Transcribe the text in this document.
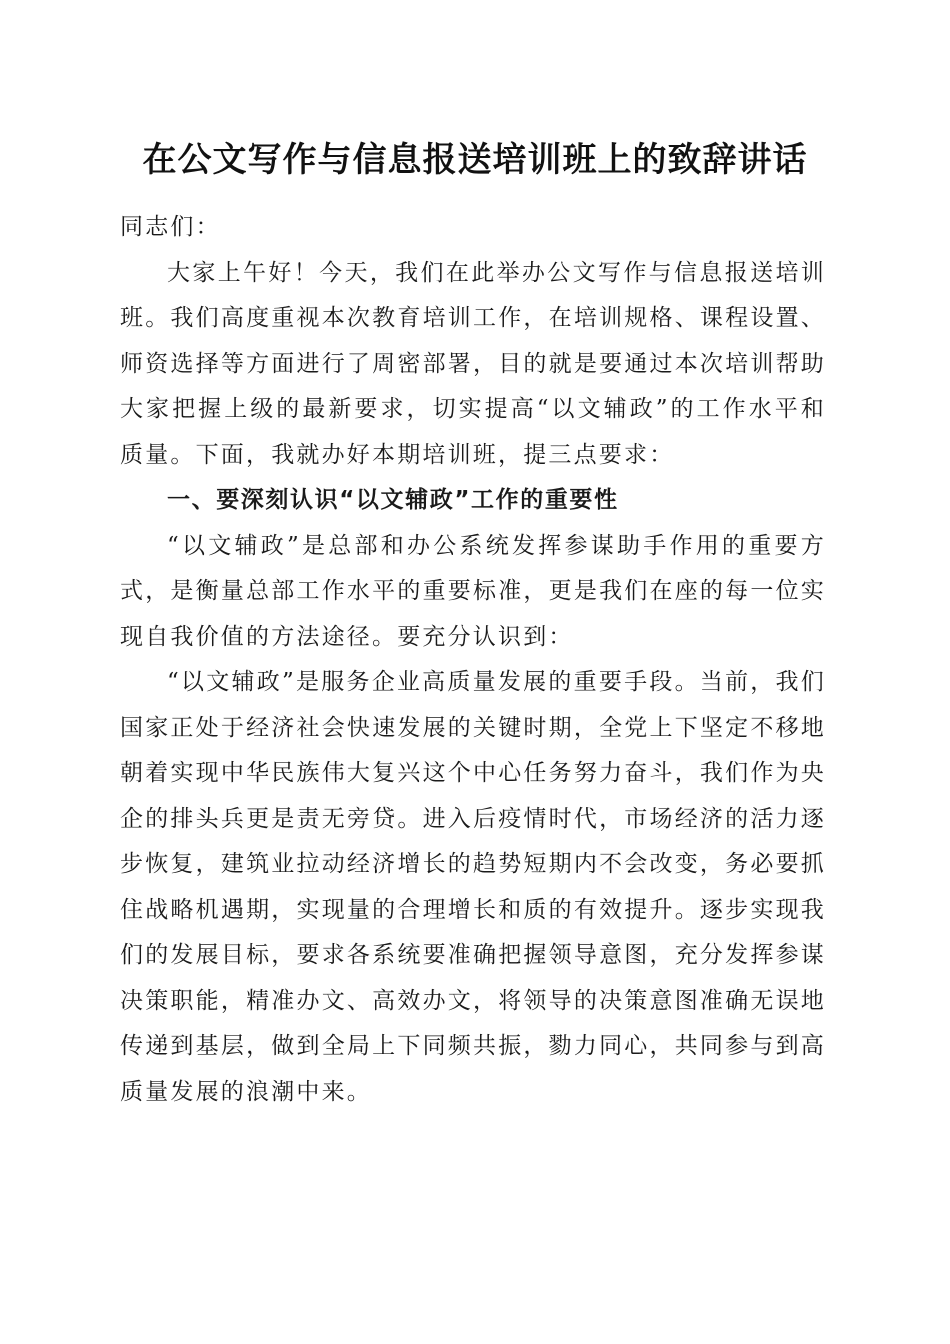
在公文写作与信息报送培训班上的致辞讲话

同志们：

大家上午好！今天，我们在此举办公文写作与信息报送培训班。我们高度重视本次教育培训工作，在培训规格、课程设置、师资选择等方面进行了周密部署，目的就是要通过本次培训帮助大家把握上级的最新要求，切实提高“以文辅政”的工作水平和质量。下面，我就办好本期培训班，提三点要求：

一、要深刻认识“以文辅政”工作的重要性

“以文辅政”是总部和办公系统发挥参谋助手作用的重要方式，是衡量总部工作水平的重要标准，更是我们在座的每一位实现自我价值的方法途径。要充分认识到：

“以文辅政”是服务企业高质量发展的重要手段。当前，我们国家正处于经济社会快速发展的关键时期，全党上下坚定不移地朝着实现中华民族伟大复兴这个中心任务努力奋斗，我们作为央企的排头兵更是责无旁贷。进入后疫情时代，市场经济的活力逐步恢复，建筑业拉动经济增长的趋势短期内不会改变，务必要抓住战略机遇期，实现量的合理增长和质的有效提升。逐步实现我们的发展目标，要求各系统要准确把握领导意图，充分发挥参谋决策职能，精准办文、高效办文，将领导的决策意图准确无误地传递到基层，做到全局上下同频共振，勠力同心，共同参与到高质量发展的浪潮中来。
